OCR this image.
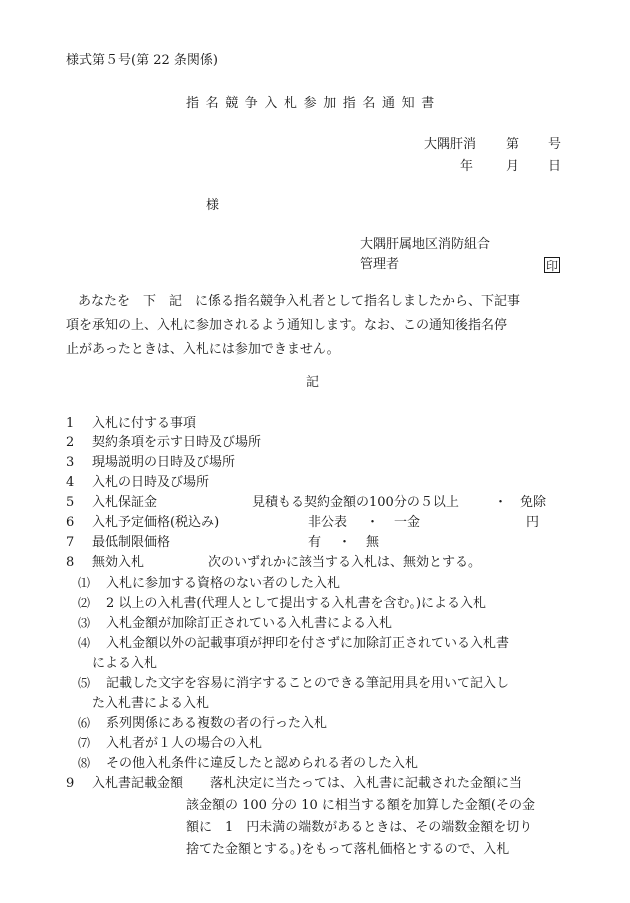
様式第５号(第 22 条関係)
指名競争入札参加指名通知書
大隅肝消 第 号
年	月 日
様
大隅肝属地区消防組合
管理者	印
あなたを　下　記　に係る指名競争入札者として指名しましたから、下記事
項を承知の上、入札に参加されるよう通知します。なお、この通知後指名停
止があったときは、入札には参加できません。
記
1 入札に付する事項
2 契約条項を示す日時及び場所
3 現場説明の日時及び場所
4 入札の日時及び場所
5 入札保証金	見積もる契約金額の100分の５以上	・ 免除
6 入札予定価格(税込み)	非公表 ・ 一金	円
7 最低制限価格	有 ・ 無
8 無効入札	次のいずれかに該当する入札は、無効とする。
⑴ 入札に参加する資格のない者のした入札
⑵ 2 以上の入札書(代理人として提出する入札書を含む。)による入札
⑶ 入札金額が加除訂正されている入札書による入札
⑷ 入札金額以外の記載事項が押印を付さずに加除訂正されている入札書
による入札
⑸ 記載した文字を容易に消字することのできる筆記用具を用いて記入し
た入札書による入札
⑹ 系列関係にある複数の者の行った入札
⑺ 入札者が１人の場合の入札
⑻ その他入札条件に違反したと認められる者のした入札
9 入札書記載金額 落札決定に当たっては、入札書に記載された金額に当
該金額の 100 分の 10 に相当する額を加算した金額(その金
額に　1　円未満の端数があるときは、その端数金額を切り
捨てた金額とする。)をもって落札価格とするので、入札
